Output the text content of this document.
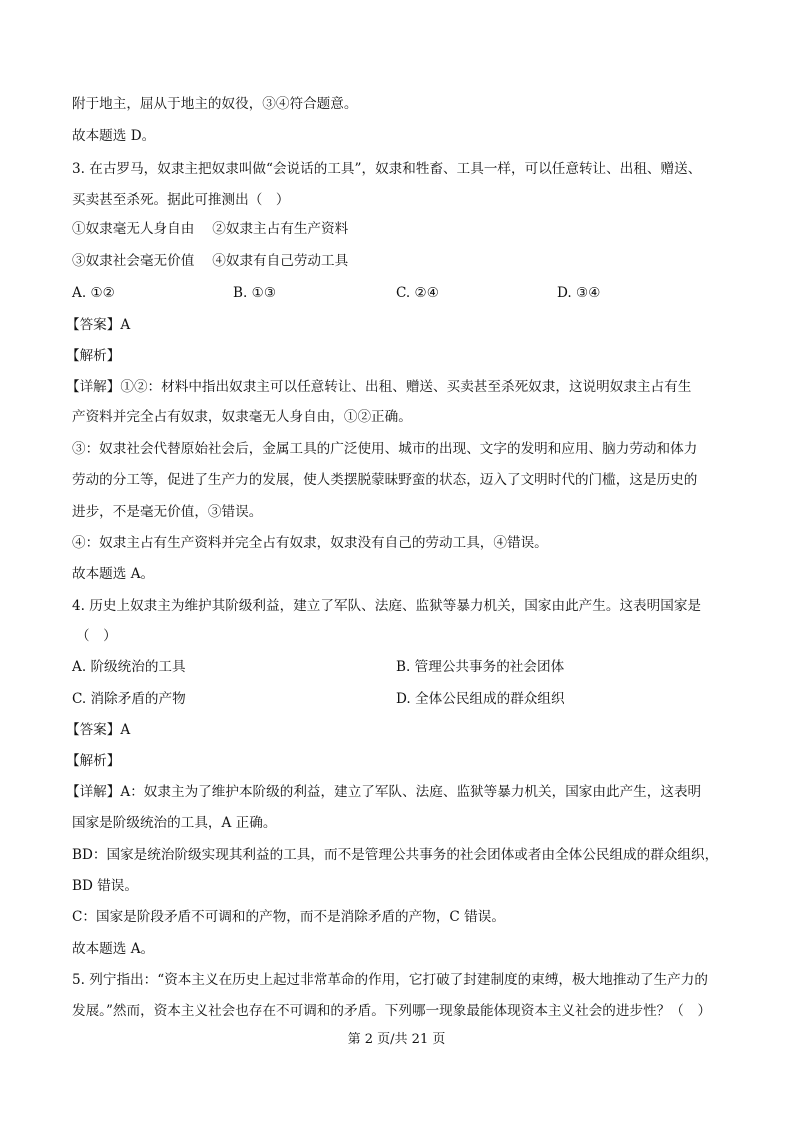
附于地主，屈从于地主的奴役，③④符合题意。
故本题选 D。
3. 在古罗马，奴隶主把奴隶叫做“会说话的工具”，奴隶和牲畜、工具一样，可以任意转让、出租、赠送、
买卖甚至杀死。据此可推测出（　）
①奴隶毫无人身自由　 ②奴隶主占有生产资料
③奴隶社会毫无价值　 ④奴隶有自己劳动工具
A. ①②	B. ①③	C. ②④	D. ③④
【答案】A
【解析】
【详解】①②：材料中指出奴隶主可以任意转让、出租、赠送、买卖甚至杀死奴隶，这说明奴隶主占有生
产资料并完全占有奴隶，奴隶毫无人身自由，①②正确。
③：奴隶社会代替原始社会后，金属工具的广泛使用、城市的出现、文字的发明和应用、脑力劳动和体力
劳动的分工等，促进了生产力的发展，使人类摆脱蒙昧野蛮的状态，迈入了文明时代的门槛，这是历史的
进步，不是毫无价值，③错误。
④：奴隶主占有生产资料并完全占有奴隶，奴隶没有自己的劳动工具，④错误。
故本题选 A。
4. 历史上奴隶主为维护其阶级利益，建立了军队、法庭、监狱等暴力机关，国家由此产生。这表明国家是
（　）
A. 阶级统治的工具	B. 管理公共事务的社会团体
C. 消除矛盾的产物	D. 全体公民组成的群众组织
【答案】A
【解析】
【详解】A：奴隶主为了维护本阶级的利益，建立了军队、法庭、监狱等暴力机关，国家由此产生，这表明
国家是阶级统治的工具，A 正确。
BD：国家是统治阶级实现其利益的工具，而不是管理公共事务的社会团体或者由全体公民组成的群众组织，
BD 错误。
C：国家是阶段矛盾不可调和的产物，而不是消除矛盾的产物，C 错误。
故本题选 A。
5. 列宁指出：“资本主义在历史上起过非常革命的作用，它打破了封建制度的束缚，极大地推动了生产力的
发展。”然而，资本主义社会也存在不可调和的矛盾。下列哪一现象最能体现资本主义社会的进步性？（　）
第 2 页/共 21 页
